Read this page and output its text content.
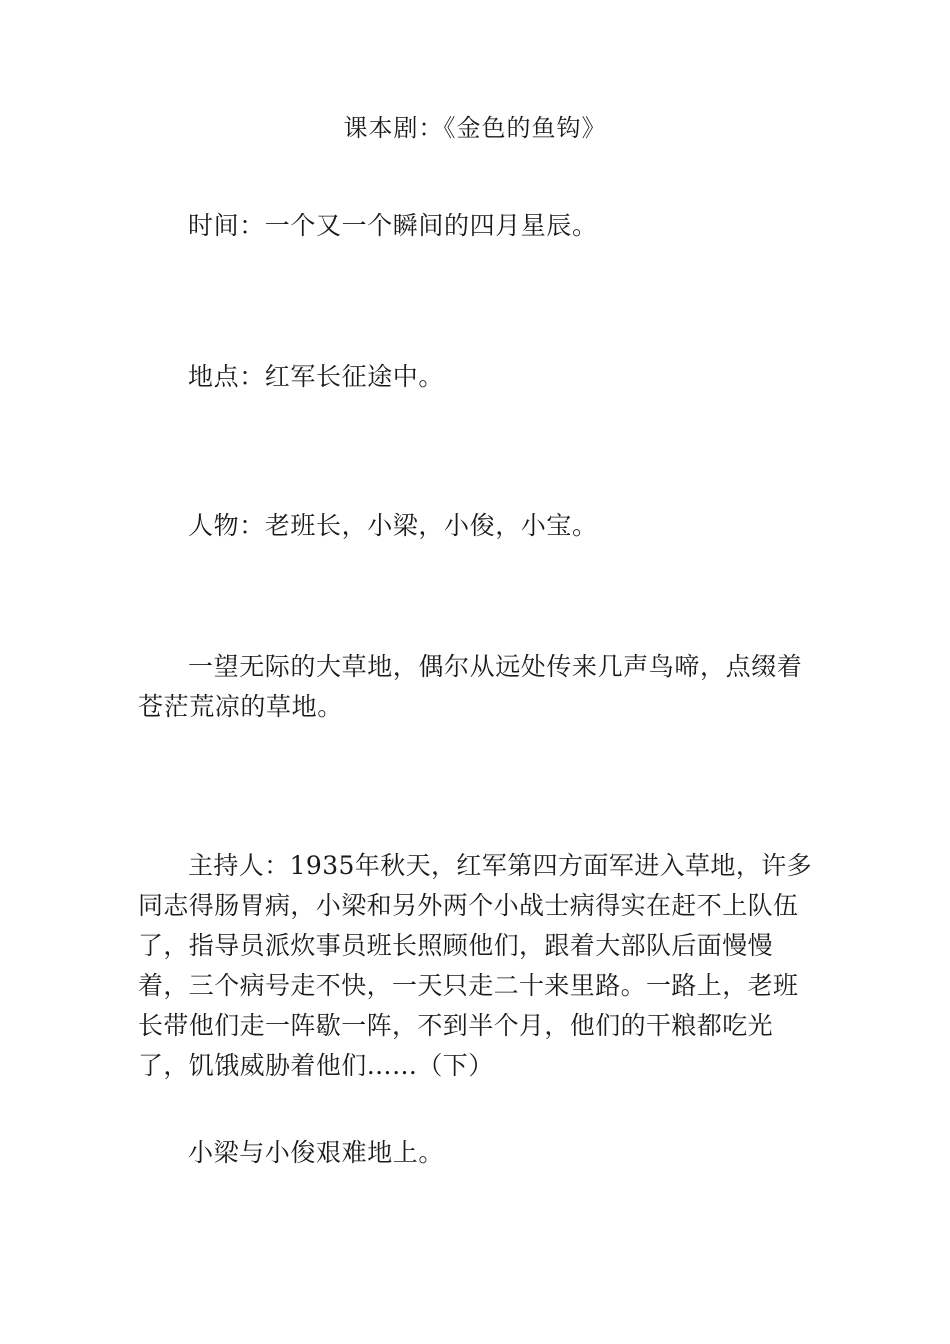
课本剧：《金色的鱼钩》

时间：一个又一个瞬间的四月星辰。

地点：红军长征途中。

人物：老班长，小梁，小俊，小宝。

一望无际的大草地，偶尔从远处传来几声鸟啼，点缀着苍茫荒凉的草地。

主持人：1935年秋天，红军第四方面军进入草地，许多同志得肠胃病，小梁和另外两个小战士病得实在赶不上队伍了，指导员派炊事员班长照顾他们，跟着大部队后面慢慢着，三个病号走不快，一天只走二十来里路。一路上，老班长带他们走一阵歇一阵，不到半个月，他们的干粮都吃光了，饥饿威胁着他们……（下）

小梁与小俊艰难地上。
